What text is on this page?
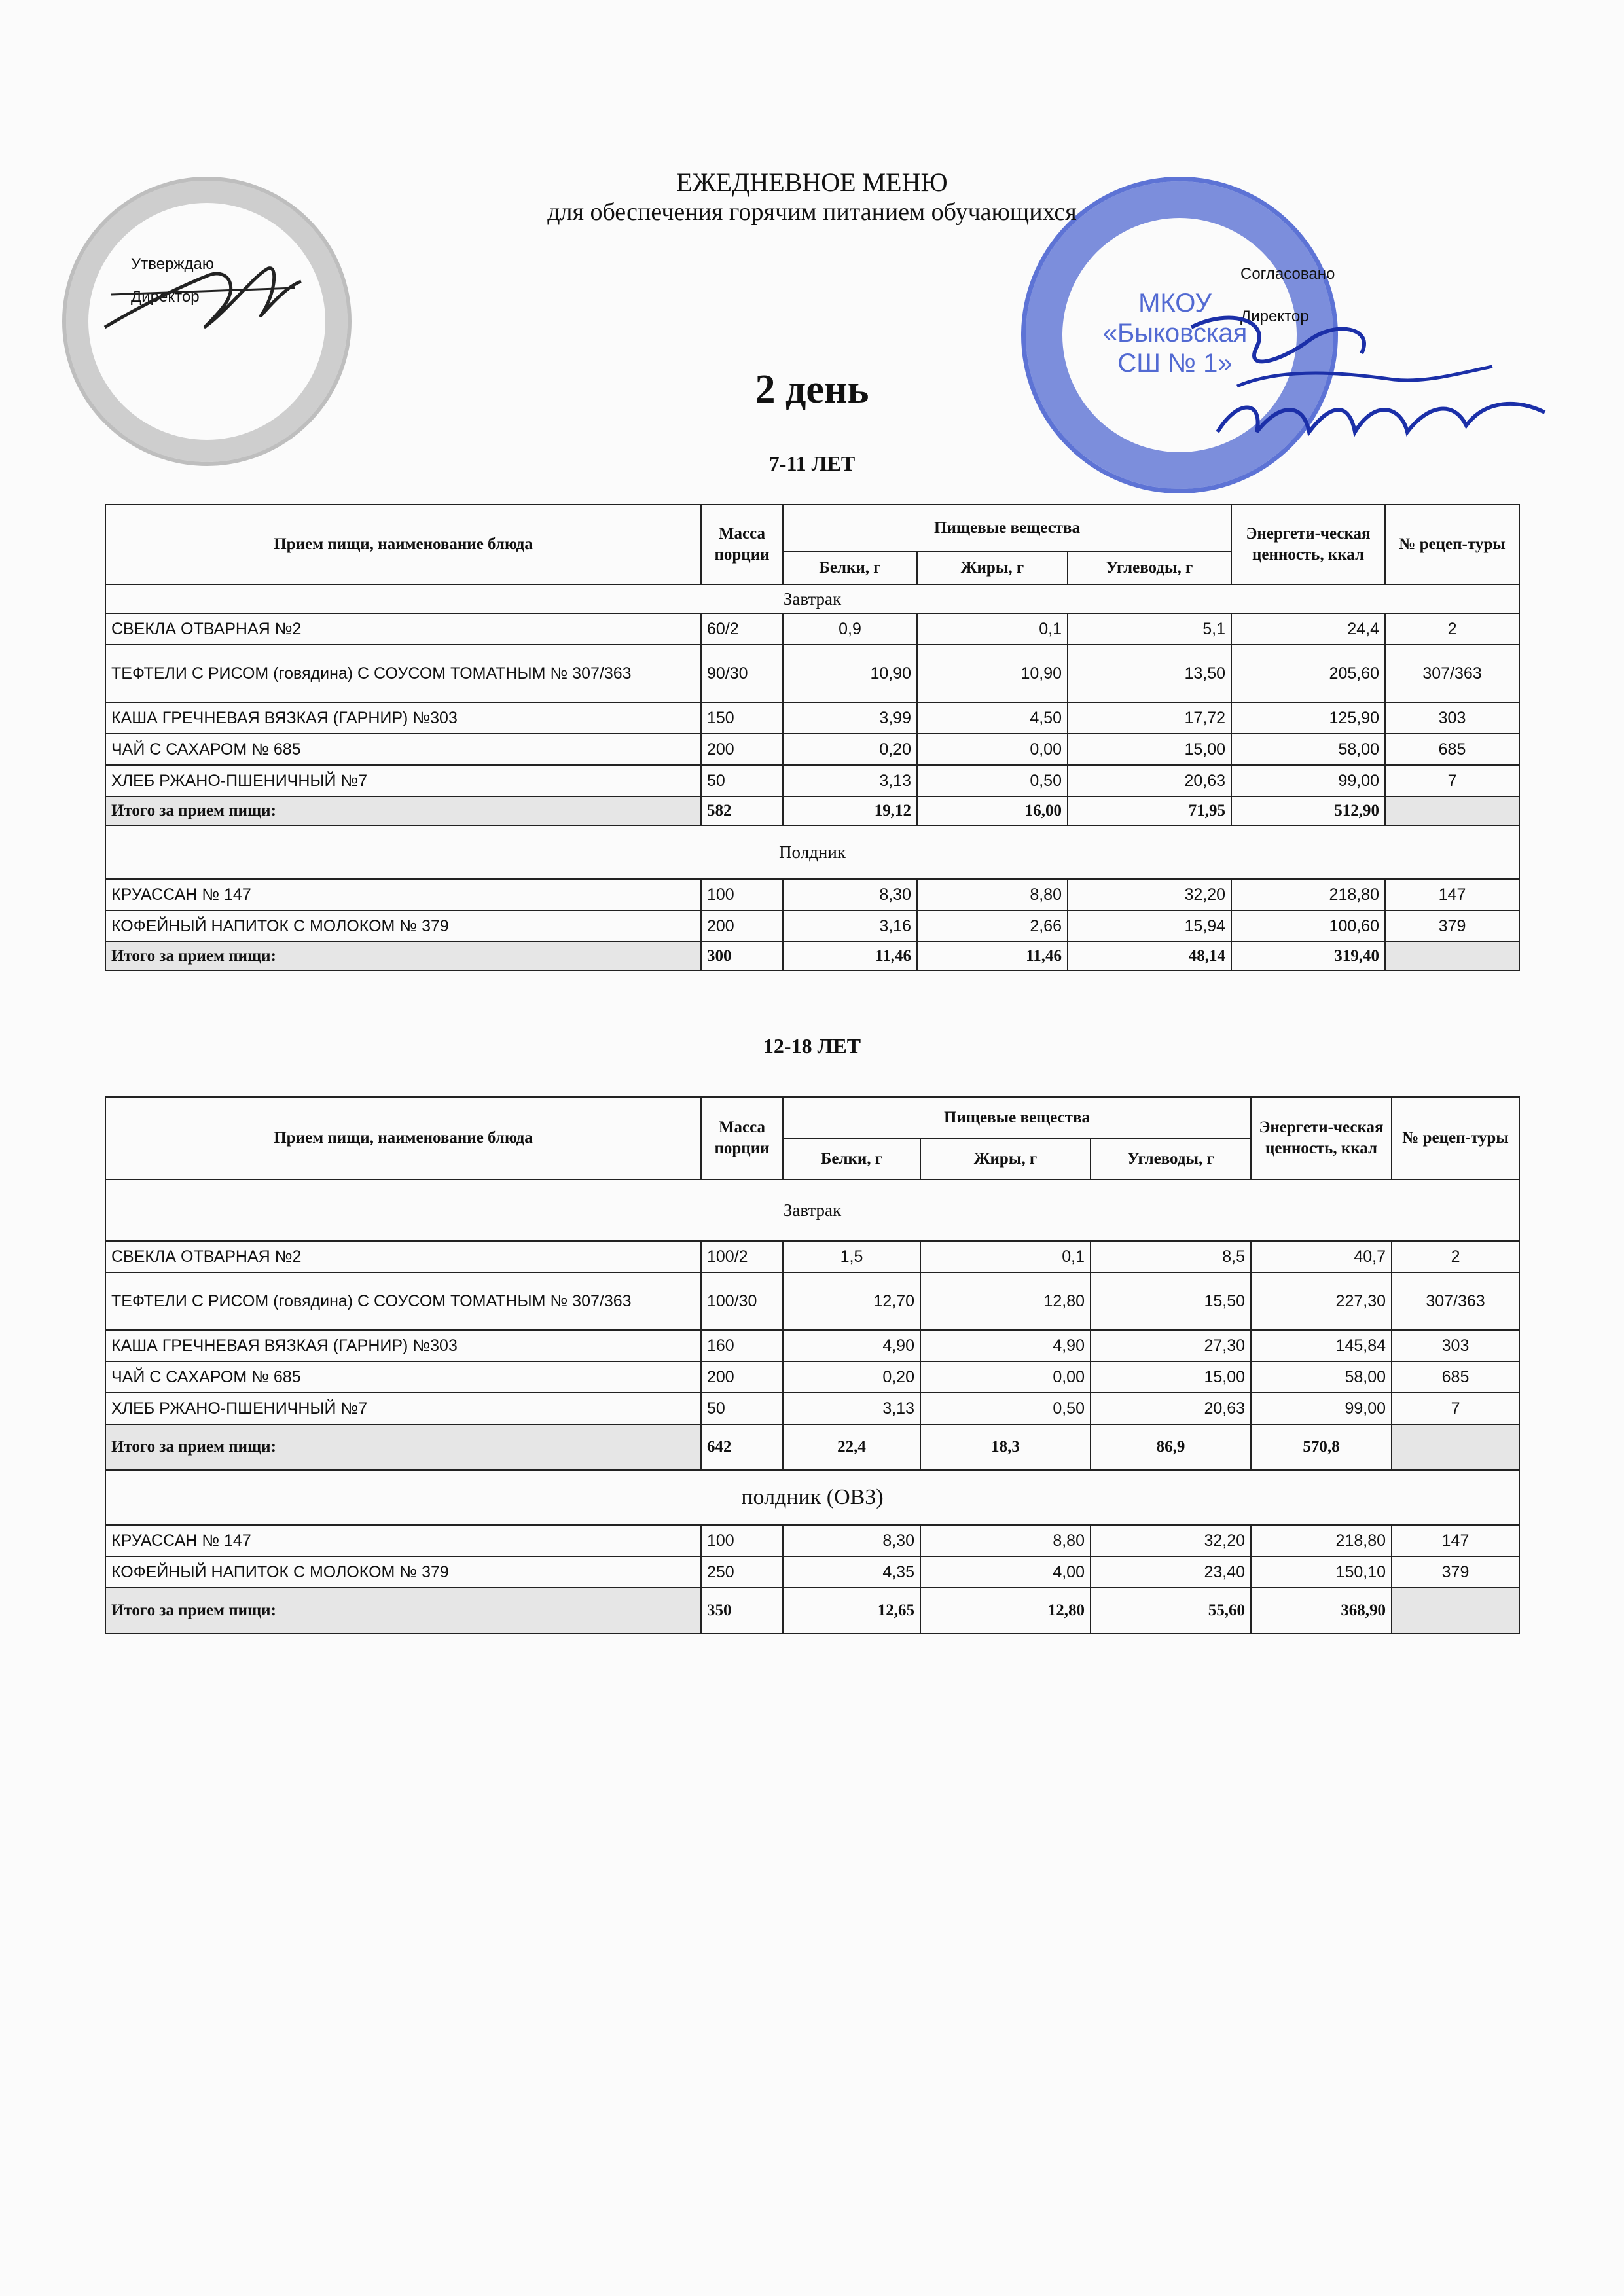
МКОУ «Быковская СШ № 1»
ЕЖЕДНЕВНОЕ МЕНЮ
для обеспечения горячим питанием обучающихся
Утверждаю
Директор
Согласовано
Директор
2 день
7-11 ЛЕТ
Прием пищи, наименование блюда	Масса порции	Пищевые вещества			Энергети-ческая ценность, ккал	№ рецеп-туры
		Белки, г	Жиры, г	Углеводы, г		
Завтрак						
СВЕКЛА ОТВАРНАЯ №2	60/2	0,9	0,1	5,1	24,4	2
ТЕФТЕЛИ С РИСОМ (говядина) С СОУСОМ ТОМАТНЫМ № 307/363	90/30	10,90	10,90	13,50	205,60	307/363
КАША ГРЕЧНЕВАЯ ВЯЗКАЯ (ГАРНИР) №303	150	3,99	4,50	17,72	125,90	303
ЧАЙ С САХАРОМ № 685	200	0,20	0,00	15,00	58,00	685
ХЛЕБ РЖАНО-ПШЕНИЧНЫЙ №7	50	3,13	0,50	20,63	99,00	7
Итого за прием пищи:	582	19,12	16,00	71,95	512,90	
Полдник						
КРУАССАН № 147	100	8,30	8,80	32,20	218,80	147
КОФЕЙНЫЙ НАПИТОК С МОЛОКОМ № 379	200	3,16	2,66	15,94	100,60	379
Итого за прием пищи:	300	11,46	11,46	48,14	319,40	
12-18 ЛЕТ
Прием пищи, наименование блюда	Масса порции	Пищевые вещества			Энергети-ческая ценность, ккал	№ рецеп-туры
		Белки, г	Жиры, г	Углеводы, г		
Завтрак						
СВЕКЛА ОТВАРНАЯ №2	100/2	1,5	0,1	8,5	40,7	2
ТЕФТЕЛИ С РИСОМ (говядина) С СОУСОМ ТОМАТНЫМ № 307/363	100/30	12,70	12,80	15,50	227,30	307/363
КАША ГРЕЧНЕВАЯ ВЯЗКАЯ (ГАРНИР) №303	160	4,90	4,90	27,30	145,84	303
ЧАЙ С САХАРОМ № 685	200	0,20	0,00	15,00	58,00	685
ХЛЕБ РЖАНО-ПШЕНИЧНЫЙ №7	50	3,13	0,50	20,63	99,00	7
Итого за прием пищи:	642	22,4	18,3	86,9	570,8	
полдник (ОВЗ)						
КРУАССАН № 147	100	8,30	8,80	32,20	218,80	147
КОФЕЙНЫЙ НАПИТОК С МОЛОКОМ № 379	250	4,35	4,00	23,40	150,10	379
Итого за прием пищи:	350	12,65	12,80	55,60	368,90	
